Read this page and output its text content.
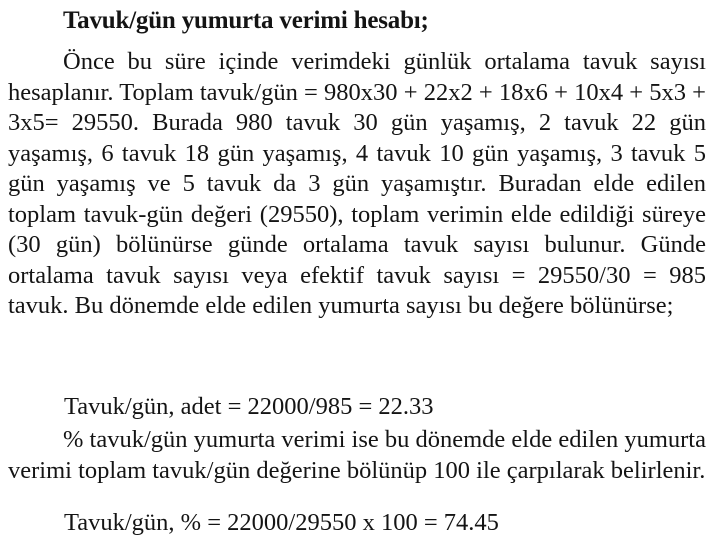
Tavuk/gün yumurta verimi hesabı;

Önce bu süre içinde verimdeki günlük ortalama tavuk sayısı hesaplanır. Toplam tavuk/gün = 980x30 + 22x2 + 18x6 + 10x4 + 5x3 + 3x5= 29550. Burada 980 tavuk 30 gün yaşamış, 2 tavuk 22 gün yaşamış, 6 tavuk 18 gün yaşamış, 4 tavuk 10 gün yaşamış, 3 tavuk 5 gün yaşamış ve 5 tavuk da 3 gün yaşamıştır. Buradan elde edilen toplam tavuk-gün değeri (29550), toplam verimin elde edildiği süreye (30 gün) bölünürse günde ortalama tavuk sayısı bulunur. Günde ortalama tavuk sayısı veya efektif tavuk sayısı = 29550/30 = 985 tavuk. Bu dönemde elde edilen yumurta sayısı bu değere bölünürse;

Tavuk/gün, adet = 22000/985 = 22.33

% tavuk/gün yumurta verimi ise bu dönemde elde edilen yumurta verimi toplam tavuk/gün değerine bölünüp 100 ile çarpılarak belirlenir.

Tavuk/gün, % = 22000/29550 x 100 = 74.45
